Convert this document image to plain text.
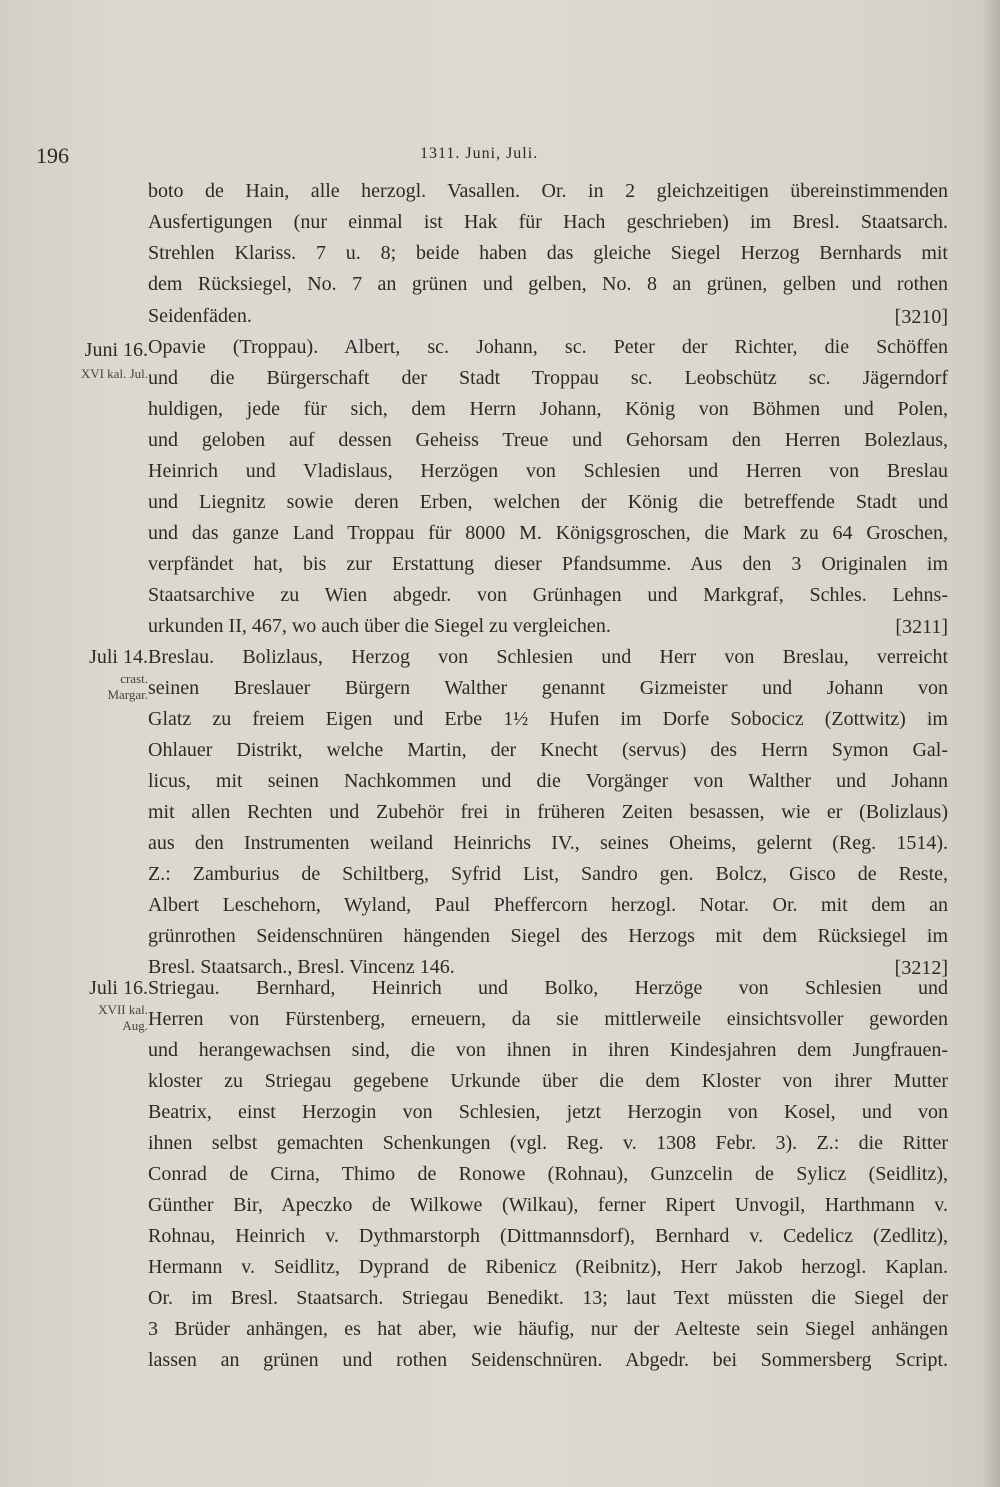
196	1311. Juni, Juli.
Juni 16.
XVI kal. Jul.
Juli 14.
crast.
Margar.
Juli 16.
XVII kal.
Aug.
boto de Hain, alle herzogl. Vasallen. Or. in 2 gleichzeitigen übereinstimmenden
Ausfertigungen (nur einmal ist Hak für Hach geschrieben) im Bresl. Staatsarch.
Strehlen Klariss. 7 u. 8; beide haben das gleiche Siegel Herzog Bernhards mit
dem Rücksiegel, No. 7 an grünen und gelben, No. 8 an grünen, gelben und rothen
Seidenfäden.	[3210]
Opavie (Troppau). Albert, sc. Johann, sc. Peter der Richter, die Schöffen
und die Bürgerschaft der Stadt Troppau sc. Leobschütz sc. Jägerndorf
huldigen, jede für sich, dem Herrn Johann, König von Böhmen und Polen,
und geloben auf dessen Geheiss Treue und Gehorsam den Herren Bolezlaus,
Heinrich und Vladislaus, Herzögen von Schlesien und Herren von Breslau
und Liegnitz sowie deren Erben, welchen der König die betreffende Stadt und
und das ganze Land Troppau für 8000 M. Königsgroschen, die Mark zu 64 Groschen,
verpfändet hat, bis zur Erstattung dieser Pfandsumme. Aus den 3 Originalen im
Staatsarchive zu Wien abgedr. von Grünhagen und Markgraf, Schles. Lehns-
urkunden II, 467, wo auch über die Siegel zu vergleichen.	[3211]
Breslau. Bolizlaus, Herzog von Schlesien und Herr von Breslau, verreicht
seinen Breslauer Bürgern Walther genannt Gizmeister und Johann von
Glatz zu freiem Eigen und Erbe 1½ Hufen im Dorfe Sobocicz (Zottwitz) im
Ohlauer Distrikt, welche Martin, der Knecht (servus) des Herrn Symon Gal-
licus, mit seinen Nachkommen und die Vorgänger von Walther und Johann
mit allen Rechten und Zubehör frei in früheren Zeiten besassen, wie er (Bolizlaus)
aus den Instrumenten weiland Heinrichs IV., seines Oheims, gelernt (Reg. 1514).
Z.: Zamburius de Schiltberg, Syfrid List, Sandro gen. Bolcz, Gisco de Reste,
Albert Leschehorn, Wyland, Paul Pheffercorn herzogl. Notar. Or. mit dem an
grünrothen Seidenschnüren hängenden Siegel des Herzogs mit dem Rücksiegel im
Bresl. Staatsarch., Bresl. Vincenz 146.	[3212]
Striegau. Bernhard, Heinrich und Bolko, Herzöge von Schlesien und
Herren von Fürstenberg, erneuern, da sie mittlerweile einsichtsvoller geworden
und herangewachsen sind, die von ihnen in ihren Kindesjahren dem Jungfrauen-
kloster zu Striegau gegebene Urkunde über die dem Kloster von ihrer Mutter
Beatrix, einst Herzogin von Schlesien, jetzt Herzogin von Kosel, und von
ihnen selbst gemachten Schenkungen (vgl. Reg. v. 1308 Febr. 3). Z.: die Ritter
Conrad de Cirna, Thimo de Ronowe (Rohnau), Gunzcelin de Sylicz (Seidlitz),
Günther Bir, Apeczko de Wilkowe (Wilkau), ferner Ripert Unvogil, Harthmann v.
Rohnau, Heinrich v. Dythmarstorph (Dittmannsdorf), Bernhard v. Cedelicz (Zedlitz),
Hermann v. Seidlitz, Dyprand de Ribenicz (Reibnitz), Herr Jakob herzogl. Kaplan.
Or. im Bresl. Staatsarch. Striegau Benedikt. 13; laut Text müssten die Siegel der
3 Brüder anhängen, es hat aber, wie häufig, nur der Aelteste sein Siegel anhängen
lassen an grünen und rothen Seidenschnüren. Abgedr. bei Sommersberg Script.
